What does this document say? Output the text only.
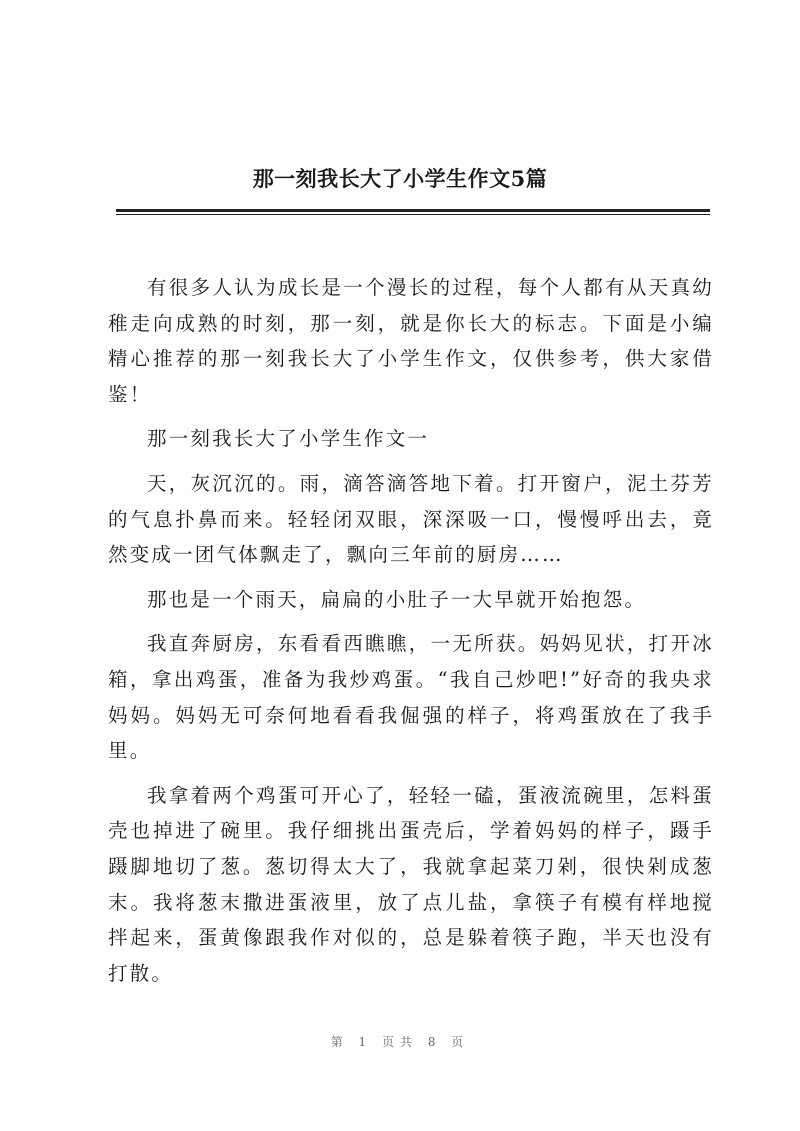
那一刻我长大了小学生作文5篇

有很多人认为成长是一个漫长的过程，每个人都有从天真幼稚走向成熟的时刻，那一刻，就是你长大的标志。下面是小编精心推荐的那一刻我长大了小学生作文，仅供参考，供大家借鉴！

那一刻我长大了小学生作文一

天，灰沉沉的。雨，滴答滴答地下着。打开窗户，泥土芬芳的气息扑鼻而来。轻轻闭双眼，深深吸一口，慢慢呼出去，竟然变成一团气体飘走了，飘向三年前的厨房……

那也是一个雨天，扁扁的小肚子一大早就开始抱怨。

我直奔厨房，东看看西瞧瞧，一无所获。妈妈见状，打开冰箱，拿出鸡蛋，准备为我炒鸡蛋。“我自己炒吧!”好奇的我央求妈妈。妈妈无可奈何地看看我倔强的样子，将鸡蛋放在了我手里。

我拿着两个鸡蛋可开心了，轻轻一磕，蛋液流碗里，怎料蛋壳也掉进了碗里。我仔细挑出蛋壳后，学着妈妈的样子，蹑手蹑脚地切了葱。葱切得太大了，我就拿起菜刀剁，很快剁成葱末。我将葱末撒进蛋液里，放了点儿盐，拿筷子有模有样地搅拌起来，蛋黄像跟我作对似的，总是躲着筷子跑，半天也没有打散。

第 1 页共 8 页
